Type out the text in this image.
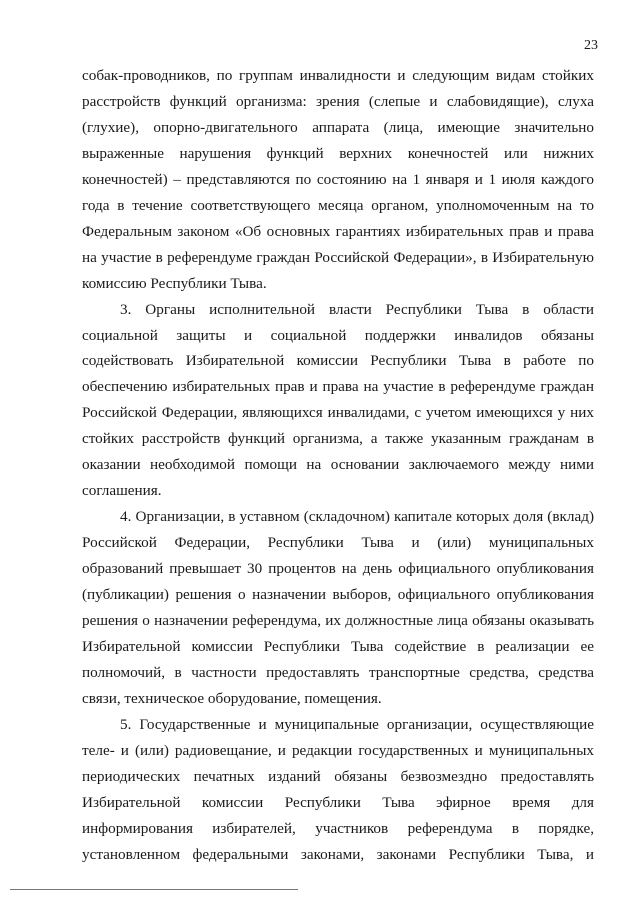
23

собак-проводников, по группам инвалидности и следующим видам стойких расстройств функций организма: зрения (слепые и слабовидящие), слуха (глухие), опорно-двигательного аппарата (лица, имеющие значительно выраженные нарушения функций верхних конечностей или нижних конечностей) – представляются по состоянию на 1 января и 1 июля каждого года в течение соответствующего месяца органом, уполномоченным на то Федеральным законом «Об основных гарантиях избирательных прав и права на участие в референдуме граждан Российской Федерации», в Избирательную комиссию Республики Тыва.

3. Органы исполнительной власти Республики Тыва в области социальной защиты и социальной поддержки инвалидов обязаны содействовать Избирательной комиссии Республики Тыва в работе по обеспечению избирательных прав и права на участие в референдуме граждан Российской Федерации, являющихся инвалидами, с учетом имеющихся у них стойких расстройств функций организма, а также указанным гражданам в оказании необходимой помощи на основании заключаемого между ними соглашения.

4. Организации, в уставном (складочном) капитале которых доля (вклад) Российской Федерации, Республики Тыва и (или) муниципальных образований превышает 30 процентов на день официального опубликования (публикации) решения о назначении выборов, официального опубликования решения о назначении референдума, их должностные лица обязаны оказывать Избирательной комиссии Республики Тыва содействие в реализации ее полномочий, в частности предоставлять транспортные средства, средства связи, техническое оборудование, помещения.

5. Государственные и муниципальные организации, осуществляющие теле- и (или) радиовещание, и редакции государственных и муниципальных периодических печатных изданий обязаны безвозмездно предоставлять Избирательной комиссии Республики Тыва эфирное время для информирования избирателей, участников референдума в порядке, установленном федеральными законами, законами Республики Тыва, и
